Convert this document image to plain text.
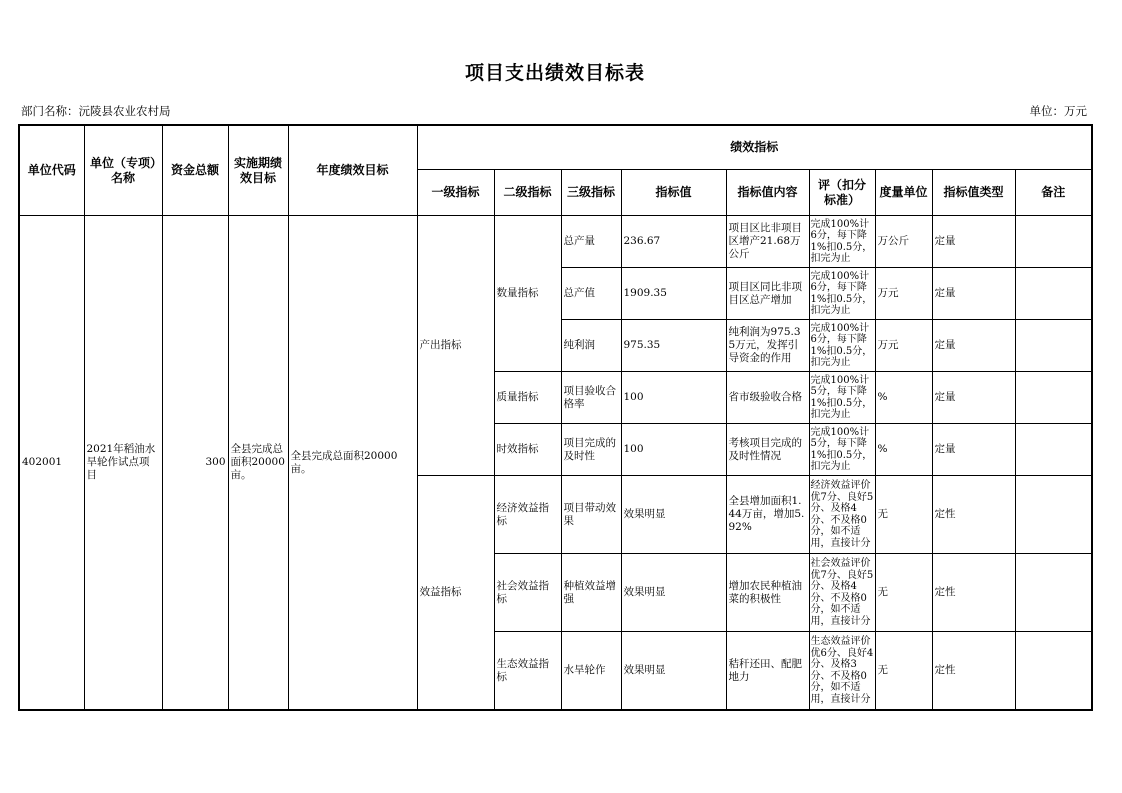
项目支出绩效目标表
部门名称：沅陵县农业农村局	单位：万元
单位代码	单位（专项）名称	资金总额	实施期绩效目标	年度绩效目标	绩效指标								
					一级指标	二级指标	三级指标	指标值	指标值内容	评（扣分标准）	度量单位	指标值类型	备注
402001	2021年稻油水旱轮作试点项目	300	全县完成总面积20000亩。	全县完成总面积20000亩。	产出指标	数量指标	总产量	236.67	项目区比非项目区增产21.68万公斤	完成100%计6分，每下降1%扣0.5分，扣完为止	万公斤	定量	
							总产值	1909.35	项目区同比非项目区总产增加	完成100%计6分，每下降1%扣0.5分，扣完为止	万元	定量	
							纯利润	975.35	纯利润为975.35万元，发挥引导资金的作用	完成100%计6分，每下降1%扣0.5分，扣完为止	万元	定量	
						质量指标	项目验收合格率	100	省市级验收合格	完成100%计5分，每下降1%扣0.5分，扣完为止	%	定量	
						时效指标	项目完成的及时性	100	考核项目完成的及时性情况	完成100%计5分，每下降1%扣0.5分，扣完为止	%	定量	
					效益指标	经济效益指标	项目带动效果	效果明显	全县增加面积1.44万亩，增加5.92%	经济效益评价优7分、良好5分、及格4分、不及格0分，如不适用，直接计分	无	定性	
						社会效益指标	种植效益增强	效果明显	增加农民种植油菜的积极性	社会效益评价优7分、良好5分、及格4分、不及格0分，如不适用，直接计分	无	定性	
						生态效益指标	水旱轮作	效果明显	秸秆还田、配肥地力	生态效益评价优6分、良好4分、及格3分、不及格0分，如不适用，直接计分	无	定性	
